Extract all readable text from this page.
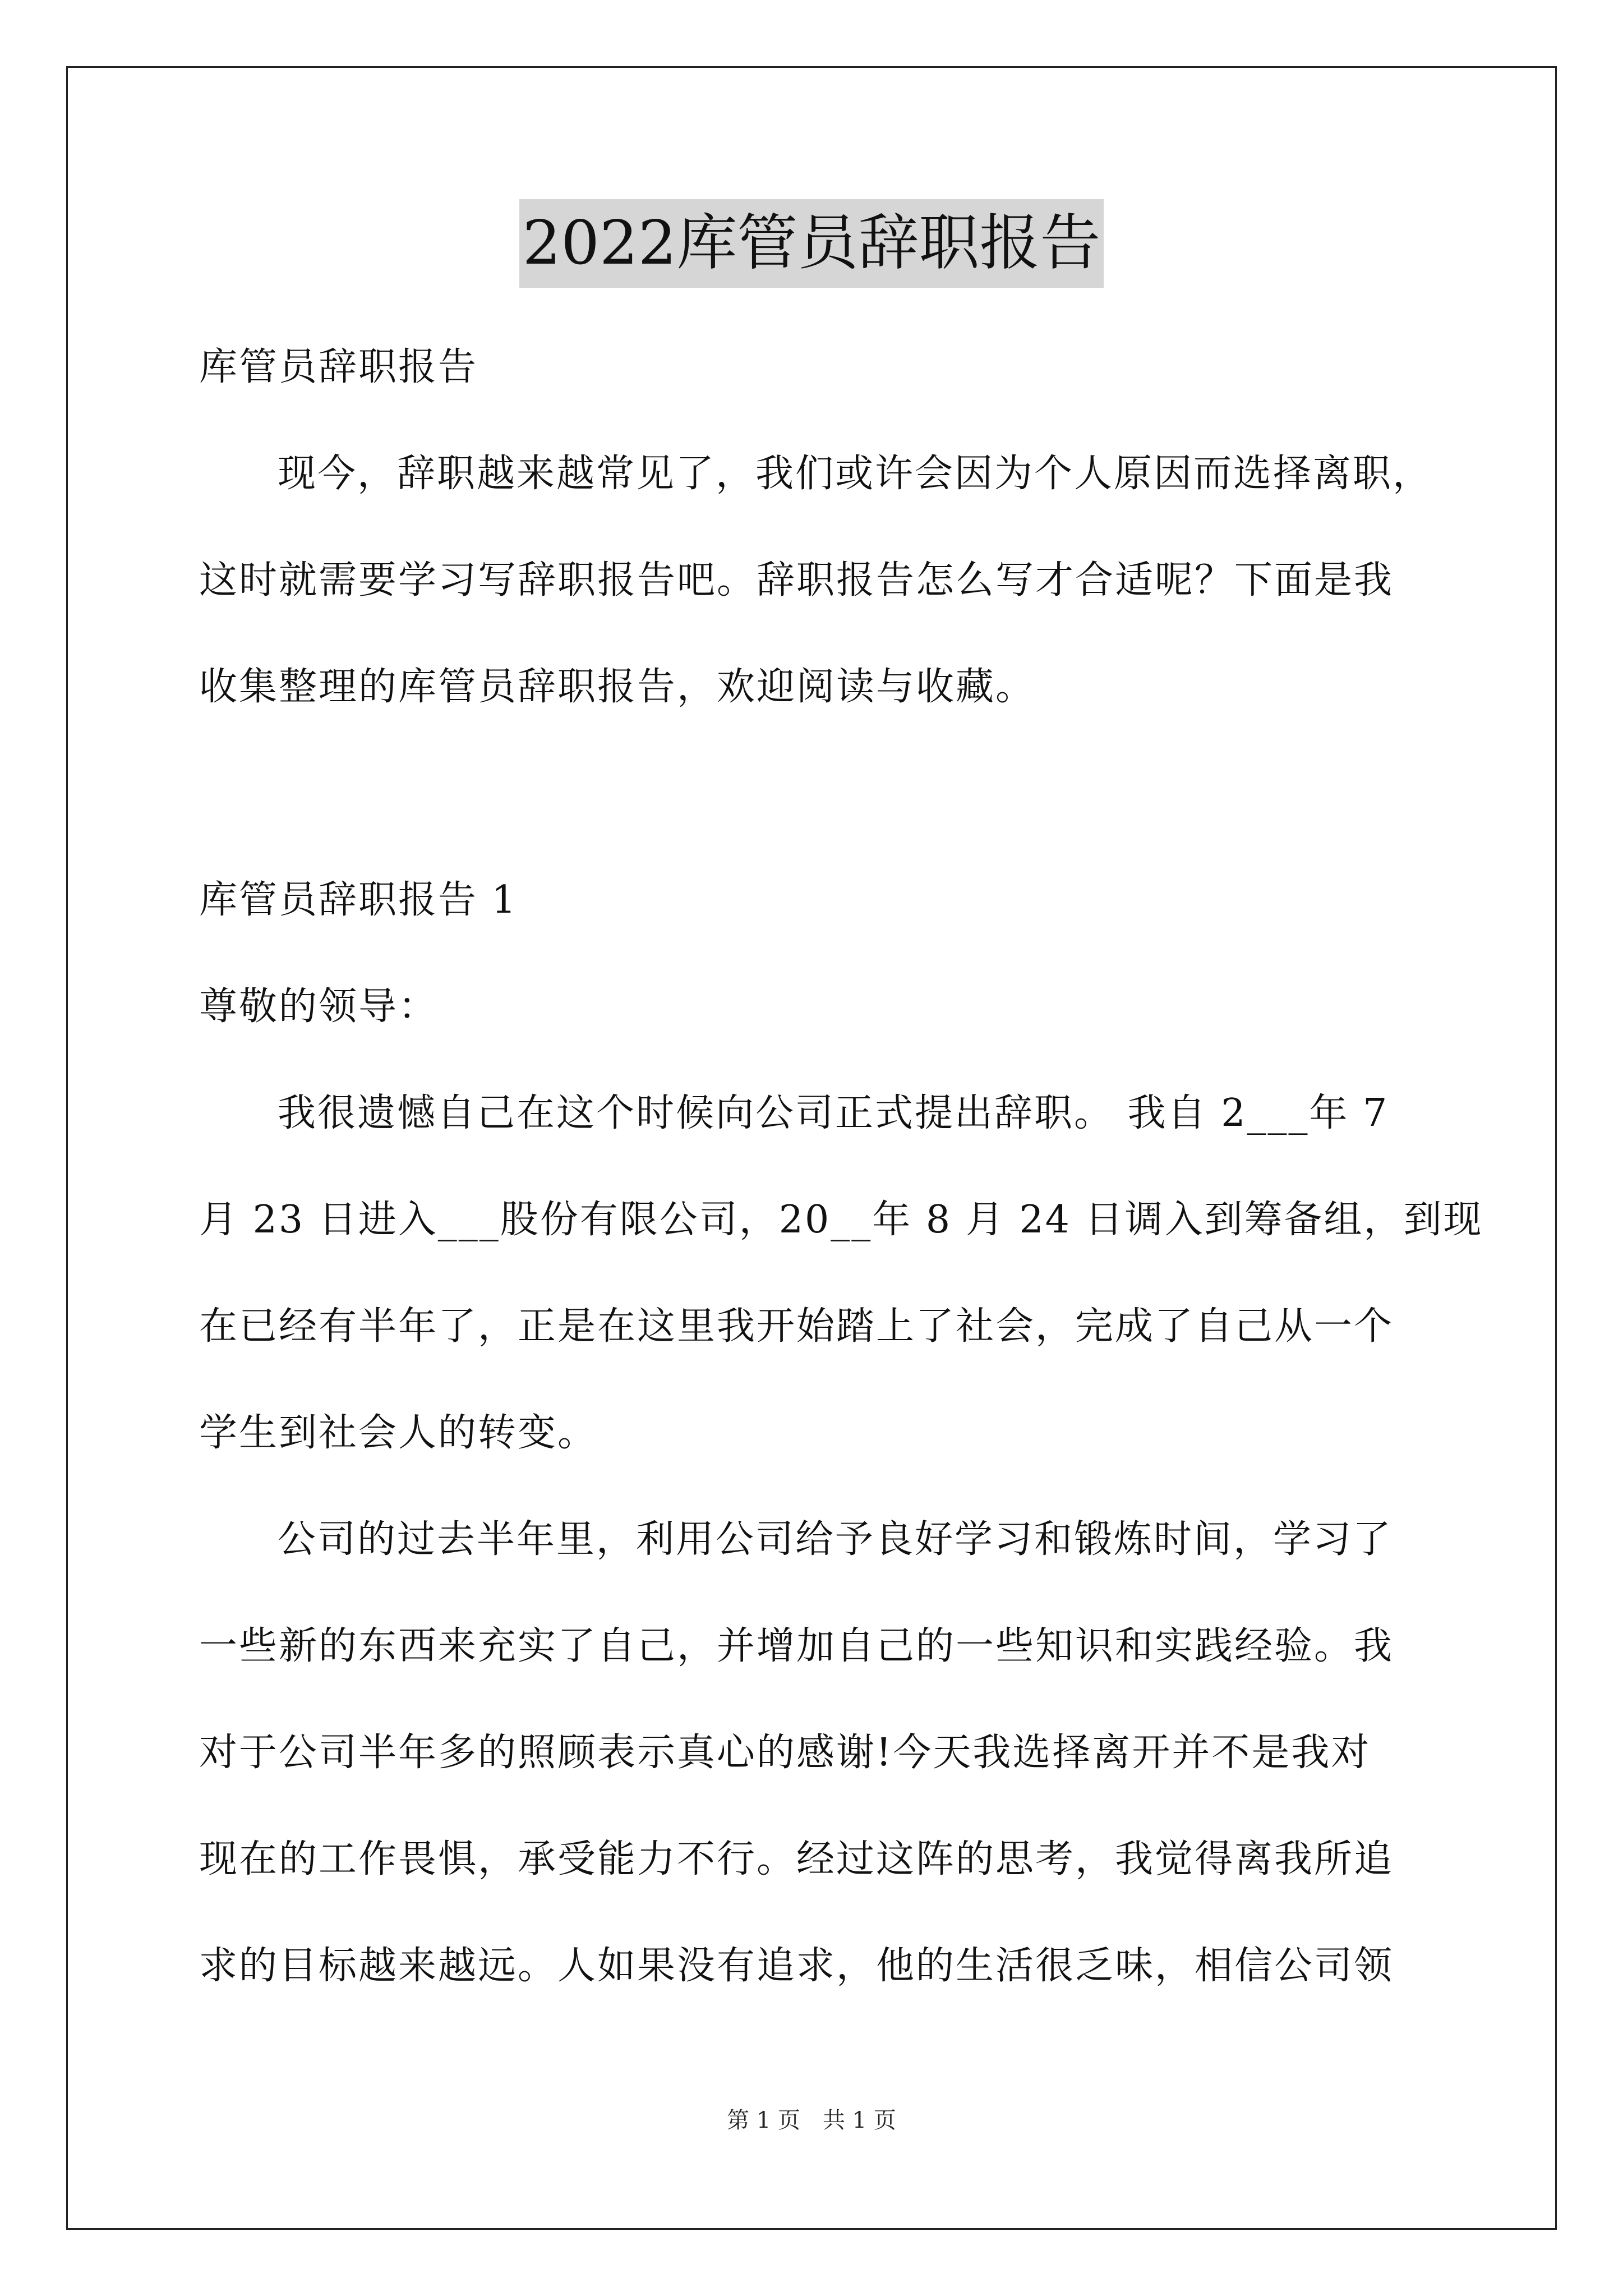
2022库管员辞职报告
库管员辞职报告
现今，辞职越来越常见了，我们或许会因为个人原因而选择离职，
这时就需要学习写辞职报告吧。辞职报告怎么写才合适呢？下面是我
收集整理的库管员辞职报告，欢迎阅读与收藏。
库管员辞职报告 1
尊敬的领导：
我很遗憾自己在这个时候向公司正式提出辞职。 我自 2___年 7
月 23 日进入___股份有限公司，20__年 8 月 24 日调入到筹备组，到现
在已经有半年了，正是在这里我开始踏上了社会，完成了自己从一个
学生到社会人的转变。
公司的过去半年里，利用公司给予良好学习和锻炼时间，学习了
一些新的东西来充实了自己，并增加自己的一些知识和实践经验。我
对于公司半年多的照顾表示真心的感谢!今天我选择离开并不是我对
现在的工作畏惧，承受能力不行。经过这阵的思考，我觉得离我所追
求的目标越来越远。人如果没有追求，他的生活很乏味，相信公司领
第 1 页　共 1 页
